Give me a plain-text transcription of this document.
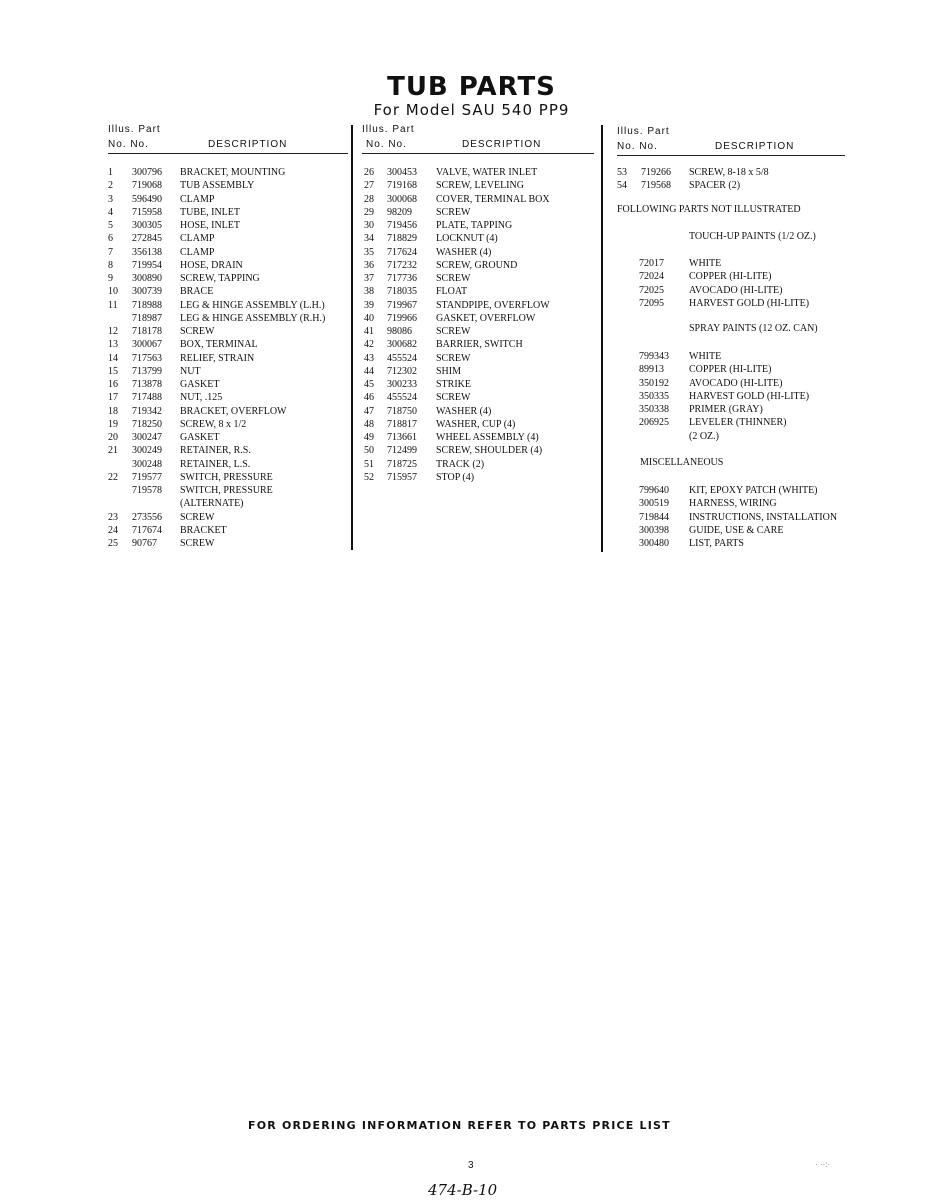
TUB PARTS
For Model SAU 540 PP9
Illus. Part
No. No.	DESCRIPTION
1 300796 BRACKET, MOUNTING
2 719068 TUB ASSEMBLY
3 596490 CLAMP
4 715958 TUBE, INLET
5 300305 HOSE, INLET
6 272845 CLAMP
7 356138 CLAMP
8 719954 HOSE, DRAIN
9 300890 SCREW, TAPPING
10 300739 BRACE
11 718988 LEG & HINGE ASSEMBLY (L.H.)
718987 LEG & HINGE ASSEMBLY (R.H.)
12 718178 SCREW
13 300067 BOX, TERMINAL
14 717563 RELIEF, STRAIN
15 713799 NUT
16 713878 GASKET
17 717488 NUT, .125
18 719342 BRACKET, OVERFLOW
19 718250 SCREW, 8 x 1/2
20 300247 GASKET
21 300249 RETAINER, R.S.
300248 RETAINER, L.S.
22 719577 SWITCH, PRESSURE
719578 SWITCH, PRESSURE
(ALTERNATE)
23 273556 SCREW
24 717674 BRACKET
25 90767 SCREW
Illus. Part
No. No.	DESCRIPTION
26 300453 VALVE, WATER INLET
27 719168 SCREW, LEVELING
28 300068 COVER, TERMINAL BOX
29 98209 SCREW
30 719456 PLATE, TAPPING
34 718829 LOCKNUT (4)
35 717624 WASHER (4)
36 717232 SCREW, GROUND
37 717736 SCREW
38 718035 FLOAT
39 719967 STANDPIPE, OVERFLOW
40 719966 GASKET, OVERFLOW
41 98086 SCREW
42 300682 BARRIER, SWITCH
43 455524 SCREW
44 712302 SHIM
45 300233 STRIKE
46 455524 SCREW
47 718750 WASHER (4)
48 718817 WASHER, CUP (4)
49 713661 WHEEL ASSEMBLY (4)
50 712499 SCREW, SHOULDER (4)
51 718725 TRACK (2)
52 715957 STOP (4)
Illus. Part
No. No.	DESCRIPTION
53 719266 SCREW, 8-18 x 5/8
54 719568 SPACER (2)
FOLLOWING PARTS NOT ILLUSTRATED
TOUCH-UP PAINTS (1/2 OZ.)
72017	WHITE
72024	COPPER (HI-LITE)
72025	AVOCADO (HI-LITE)
72095	HARVEST GOLD (HI-LITE)
SPRAY PAINTS (12 OZ. CAN)
799343 WHITE
89913	COPPER (HI-LITE)
350192 AVOCADO (HI-LITE)
350335 HARVEST GOLD (HI-LITE)
350338 PRIMER (GRAY)
206925 LEVELER (THINNER)
(2 OZ.)
MISCELLANEOUS
799640 KIT, EPOXY PATCH (WHITE)
300519 HARNESS, WIRING
719844 INSTRUCTIONS, INSTALLATION
300398 GUIDE, USE & CARE
300480 LIST, PARTS
FOR ORDERING INFORMATION REFER TO PARTS PRICE LIST
3
474-B-10
· ··:·
